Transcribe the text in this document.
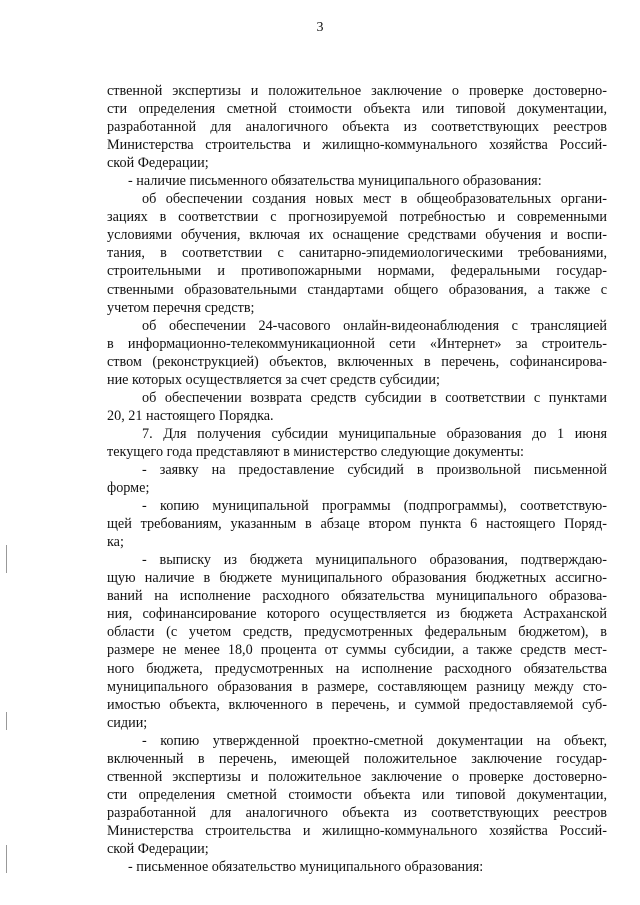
3
ственной экспертизы и положительное заключение о проверке достоверно-
сти определения сметной стоимости объекта или типовой документации,
разработанной для аналогичного объекта из соответствующих реестров
Министерства строительства и жилищно-коммунального хозяйства Россий-
ской Федерации;
- наличие письменного обязательства муниципального образования:
об обеспечении создания новых мест в общеобразовательных органи-
зациях в соответствии с прогнозируемой потребностью и современными
условиями обучения, включая их оснащение средствами обучения и воспи-
тания, в соответствии с санитарно-эпидемиологическими требованиями,
строительными и противопожарными нормами, федеральными государ-
ственными образовательными стандартами общего образования, а также с
учетом перечня средств;
об обеспечении 24-часового онлайн-видеонаблюдения с трансляцией
в информационно-телекоммуникационной сети «Интернет» за строитель-
ством (реконструкцией) объектов, включенных в перечень, софинансирова-
ние которых осуществляется за счет средств субсидии;
об обеспечении возврата средств субсидии в соответствии с пунктами
20, 21 настоящего Порядка.
7. Для получения субсидии муниципальные образования до 1 июня
текущего года представляют в министерство следующие документы:
- заявку на предоставление субсидий в произвольной письменной
форме;
- копию муниципальной программы (подпрограммы), соответствую-
щей требованиям, указанным в абзаце втором пункта 6 настоящего Поряд-
ка;
- выписку из бюджета муниципального образования, подтверждаю-
щую наличие в бюджете муниципального образования бюджетных ассигно-
ваний на исполнение расходного обязательства муниципального образова-
ния, софинансирование которого осуществляется из бюджета Астраханской
области (с учетом средств, предусмотренных федеральным бюджетом), в
размере не менее 18,0 процента от суммы субсидии, а также средств мест-
ного бюджета, предусмотренных на исполнение расходного обязательства
муниципального образования в размере, составляющем разницу между сто-
имостью объекта, включенного в перечень, и суммой предоставляемой суб-
сидии;
- копию утвержденной проектно-сметной документации на объект,
включенный в перечень, имеющей положительное заключение государ-
ственной экспертизы и положительное заключение о проверке достоверно-
сти определения сметной стоимости объекта или типовой документации,
разработанной для аналогичного объекта из соответствующих реестров
Министерства строительства и жилищно-коммунального хозяйства Россий-
ской Федерации;
- письменное обязательство муниципального образования:
